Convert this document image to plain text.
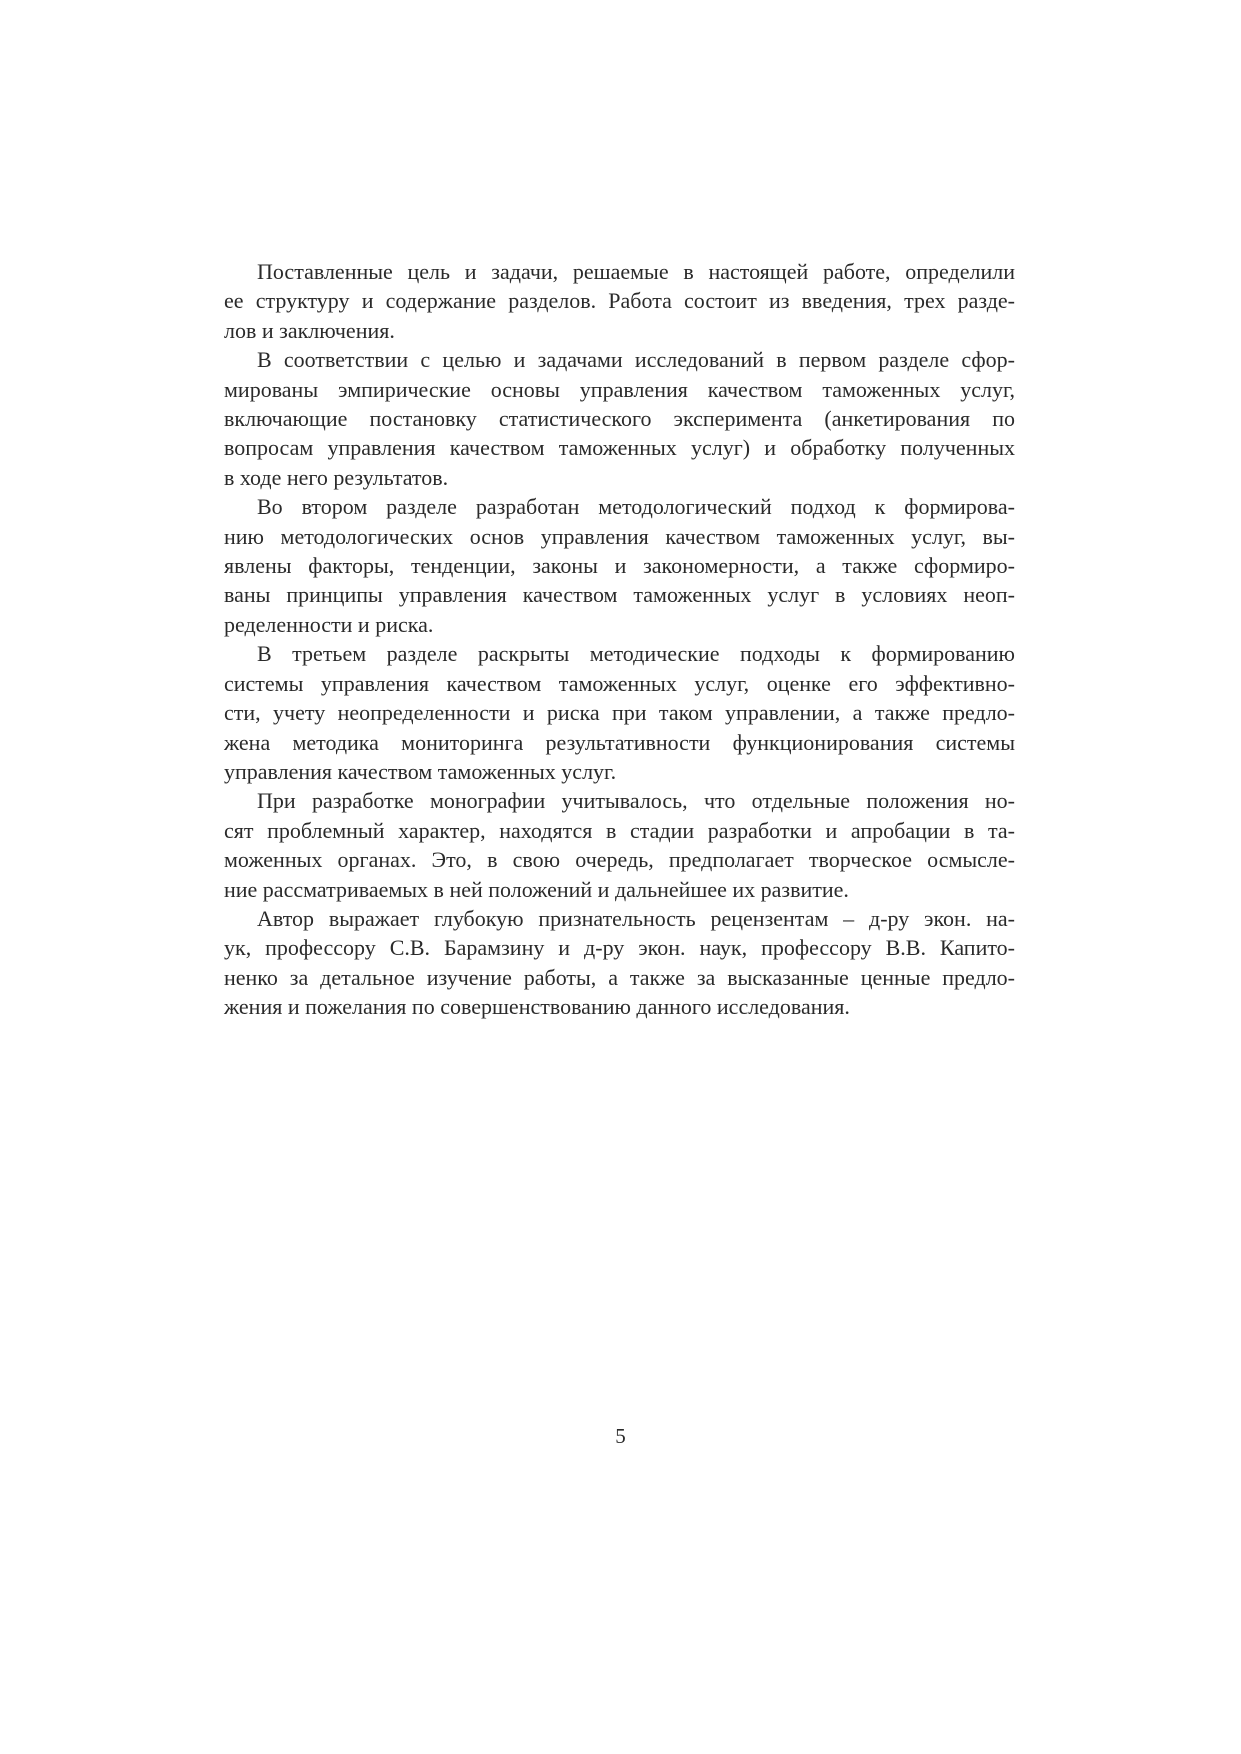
Поставленные цель и задачи, решаемые в настоящей работе, определили
ее структуру и содержание разделов. Работа состоит из введения, трех разде-
лов и заключения.

В соответствии с целью и задачами исследований в первом разделе сфор-
мированы эмпирические основы управления качеством таможенных услуг,
включающие постановку статистического эксперимента (анкетирования по
вопросам управления качеством таможенных услуг) и обработку полученных
в ходе него результатов.

Во втором разделе разработан методологический подход к формирова-
нию методологических основ управления качеством таможенных услуг, вы-
явлены факторы, тенденции, законы и закономерности, а также сформиро-
ваны принципы управления качеством таможенных услуг в условиях неоп-
ределенности и риска.

В третьем разделе раскрыты методические подходы к формированию
системы управления качеством таможенных услуг, оценке его эффективно-
сти, учету неопределенности и риска при таком управлении, а также предло-
жена методика мониторинга результативности функционирования системы
управления качеством таможенных услуг.

При разработке монографии учитывалось, что отдельные положения но-
сят проблемный характер, находятся в стадии разработки и апробации в та-
моженных органах. Это, в свою очередь, предполагает творческое осмысле-
ние рассматриваемых в ней положений и дальнейшее их развитие.

Автор выражает глубокую признательность рецензентам – д-ру экон. на-
ук, профессору С.В. Барамзину и д-ру экон. наук, профессору В.В. Капито-
ненко за детальное изучение работы, а также за высказанные ценные предло-
жения и пожелания по совершенствованию данного исследования.

5
